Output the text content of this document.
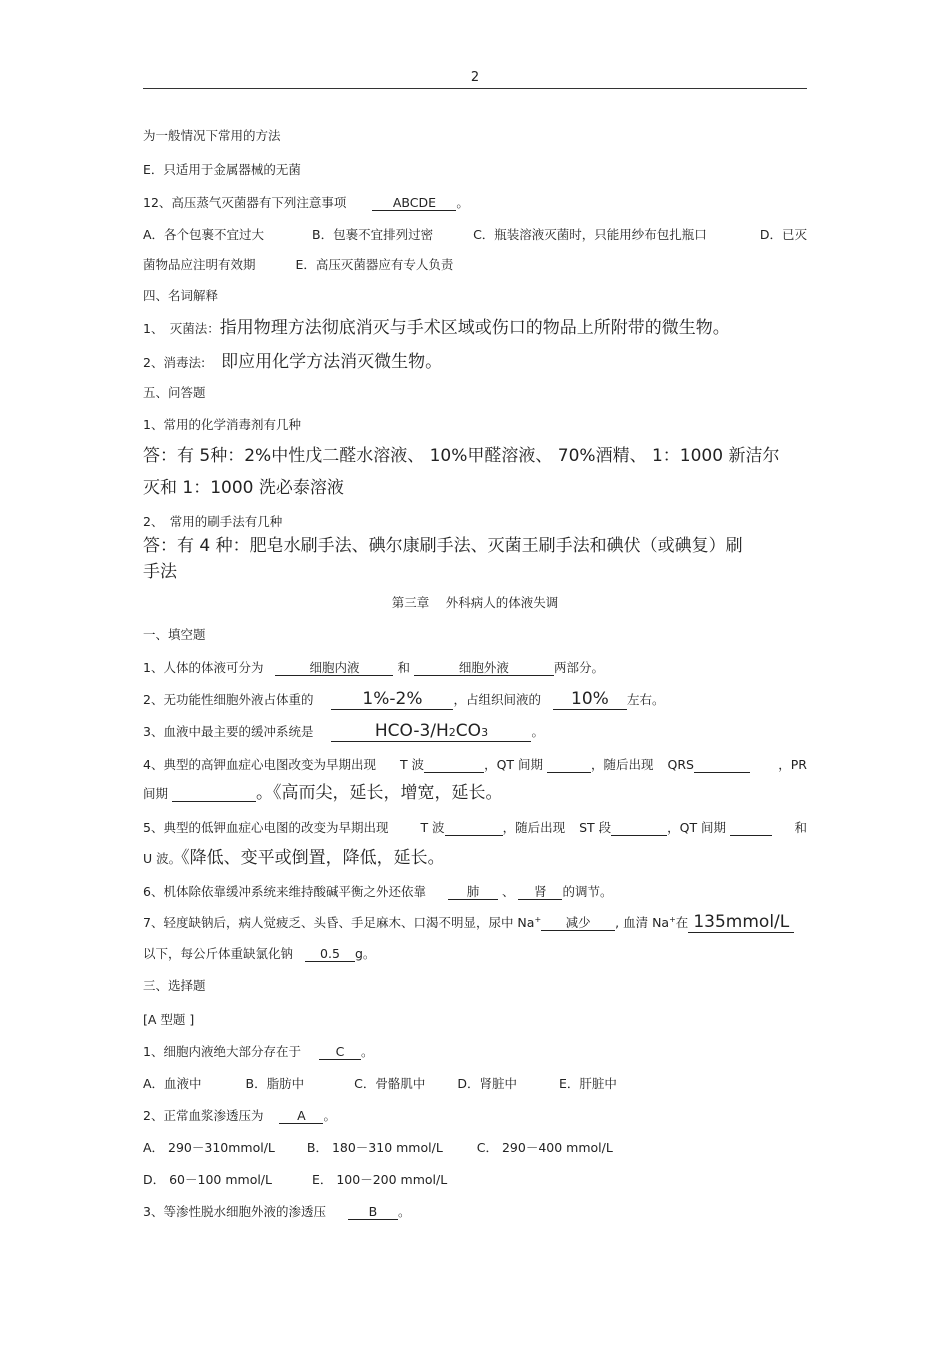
2
为一般情况下常用的方法
E．只适用于金属器械的无菌
12、高压蒸气灭菌器有下列注意事项	ABCDE 。
A．各个包裹不宜过大	B．包裹不宜排列过密	C．瓶装溶液灭菌时，只能用纱布包扎瓶口	D．已灭
菌物品应注明有效期	E．高压灭菌器应有专人负责
四、名词解释
1、　灭菌法：指用物理方法彻底消灭与手术区域或伤口的物品上所附带的微生物。
2、消毒法: 即应用化学方法消灭微生物。
五、问答题
1、常用的化学消毒剂有几种
答：有 5种：2%中性戊二醛水溶液、 10%甲醛溶液、 70%酒精、 1：1000 新洁尔
灭和 1：1000 洗必泰溶液
2、　常用的刷手法有几种
答：有 4 种：肥皂水刷手法、碘尔康刷手法、灭菌王刷手法和碘伏（或碘复）刷
手法
第三章　 外科病人的体液失调
一、填空题
1、人体的体液可分为	细胞内液	和	细胞外液	两部分。
2、无功能性细胞外液占体重的	1%-2% ，占组织间液的 10% 左右。
3、血液中最主要的缓冲系统是	HCO-3/H2CO3	。
4、典型的高钾血症心电图改变为早期出现 T 波	，QT 间期	，随后出现 QRS	，PR
间期	。《高而尖，延长，增宽，延长。
5、典型的低钾血症心电图的改变为早期出现	T 波	，随后出现 ST 段	，QT 间期	和
U 波。《降低、变平或倒置，降低，延长。
6、机体除依靠缓冲系统来维持酸碱平衡之外还依靠	肺 、 肾 的调节。
7、轻度缺钠后，病人觉疲乏、头昏、手足麻木、口渴不明显，尿中 Na+ 减少 , 血清 Na+在 135mmol/L
以下，每公斤体重缺氯化钠 0.5 g。
三、选择题
[A 型题 ]
1、细胞内液绝大部分存在于	C 。
A．血液中	B．脂肪中	C．骨骼肌中	D．肾脏中	E．肝脏中
2、正常血浆渗透压为	A 。
A． 290－310mmol/L	B． 180－310 mmol/L	C． 290－400 mmol/L
D． 60－100 mmol/L	E． 100－200 mmol/L
3、等渗性脱水细胞外液的渗透压	B 。
